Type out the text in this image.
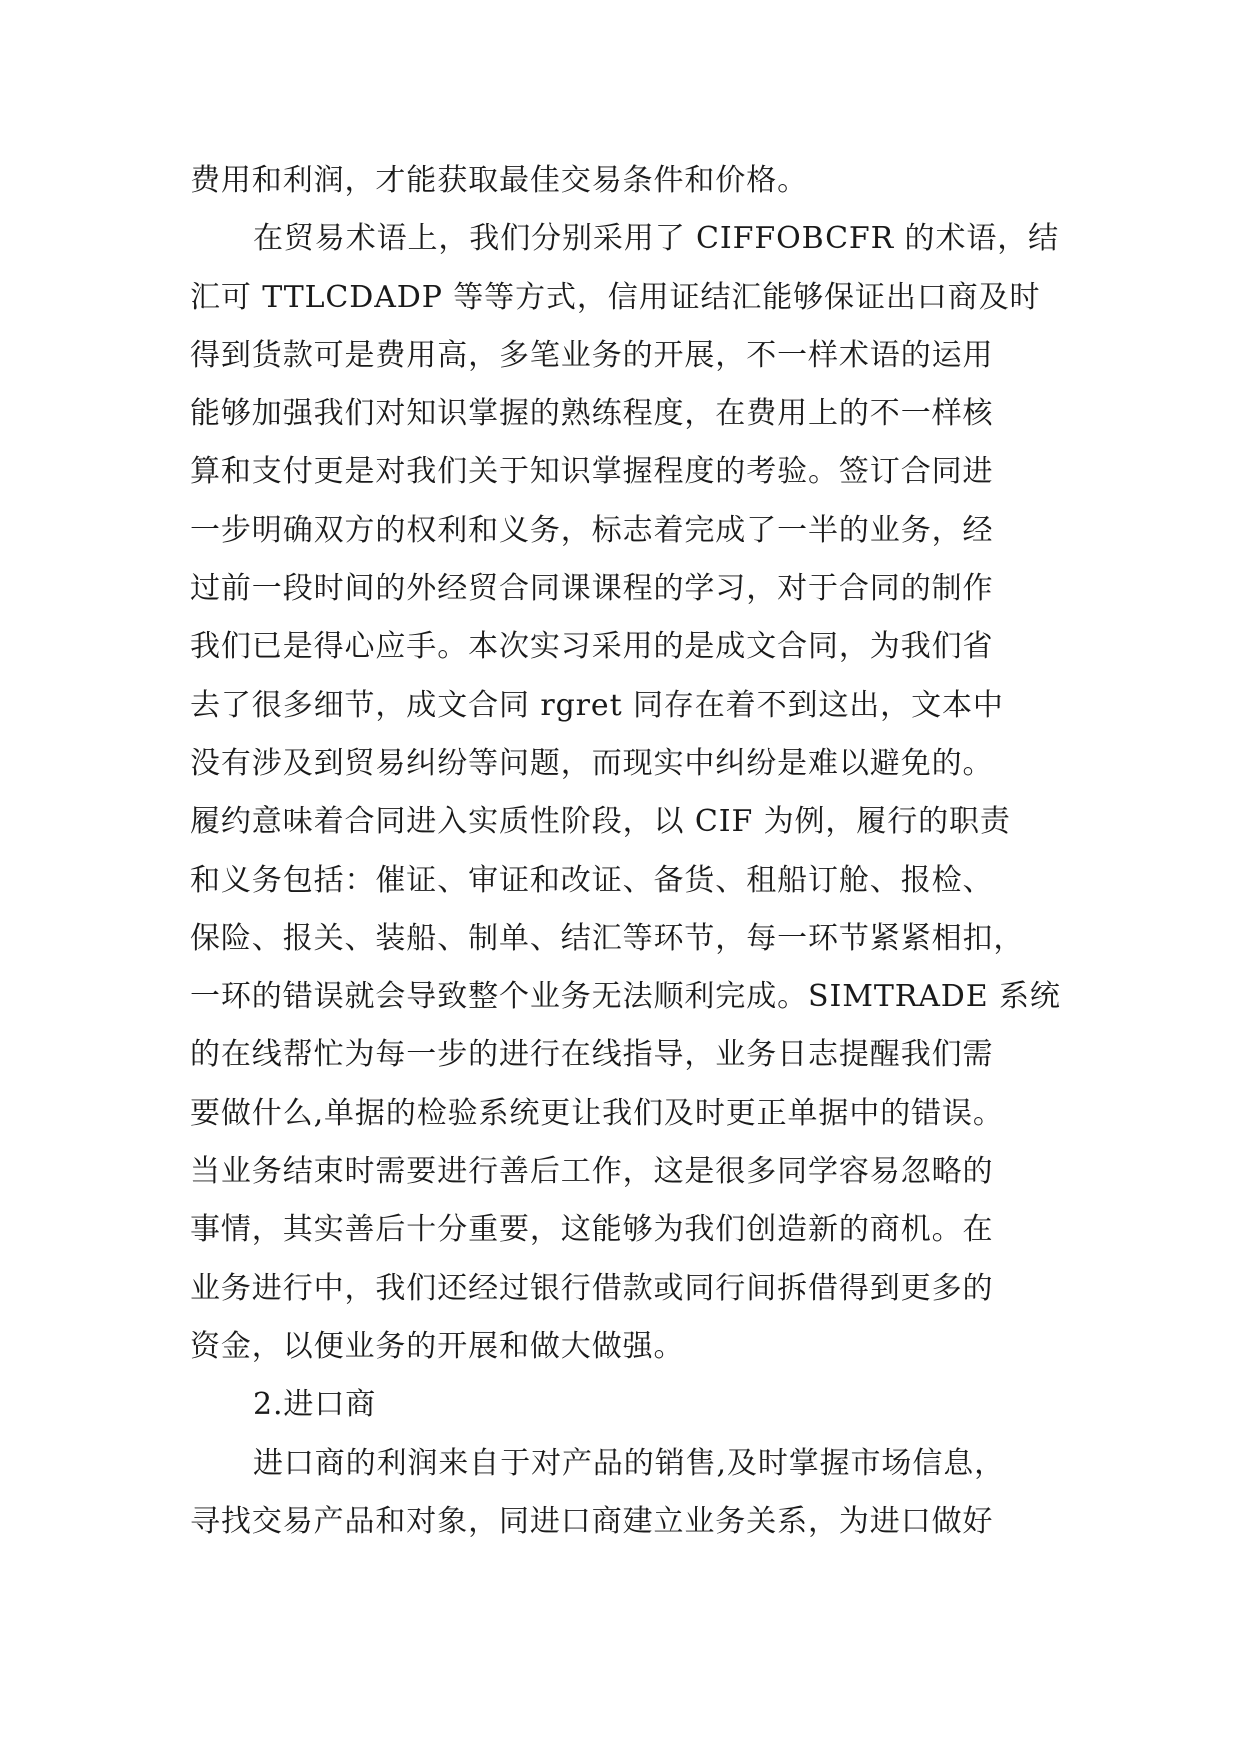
费用和利润，才能获取最佳交易条件和价格。
在贸易术语上，我们分别采用了 CIFFOBCFR 的术语，结
汇可 TTLCDADP 等等方式，信用证结汇能够保证出口商及时
得到货款可是费用高，多笔业务的开展，不一样术语的运用
能够加强我们对知识掌握的熟练程度，在费用上的不一样核
算和支付更是对我们关于知识掌握程度的考验。签订合同进
一步明确双方的权利和义务，标志着完成了一半的业务，经
过前一段时间的外经贸合同课课程的学习，对于合同的制作
我们已是得心应手。本次实习采用的是成文合同，为我们省
去了很多细节，成文合同 rgret 同存在着不到这出，文本中
没有涉及到贸易纠纷等问题，而现实中纠纷是难以避免的。
履约意味着合同进入实质性阶段，以 CIF 为例，履行的职责
和义务包括：催证、审证和改证、备货、租船订舱、报检、
保险、报关、装船、制单、结汇等环节，每一环节紧紧相扣，
一环的错误就会导致整个业务无法顺利完成。SIMTRADE 系统
的在线帮忙为每一步的进行在线指导，业务日志提醒我们需
要做什么,单据的检验系统更让我们及时更正单据中的错误。
当业务结束时需要进行善后工作，这是很多同学容易忽略的
事情，其实善后十分重要，这能够为我们创造新的商机。在
业务进行中，我们还经过银行借款或同行间拆借得到更多的
资金，以便业务的开展和做大做强。
2.进口商
进口商的利润来自于对产品的销售,及时掌握市场信息，
寻找交易产品和对象，同进口商建立业务关系，为进口做好
